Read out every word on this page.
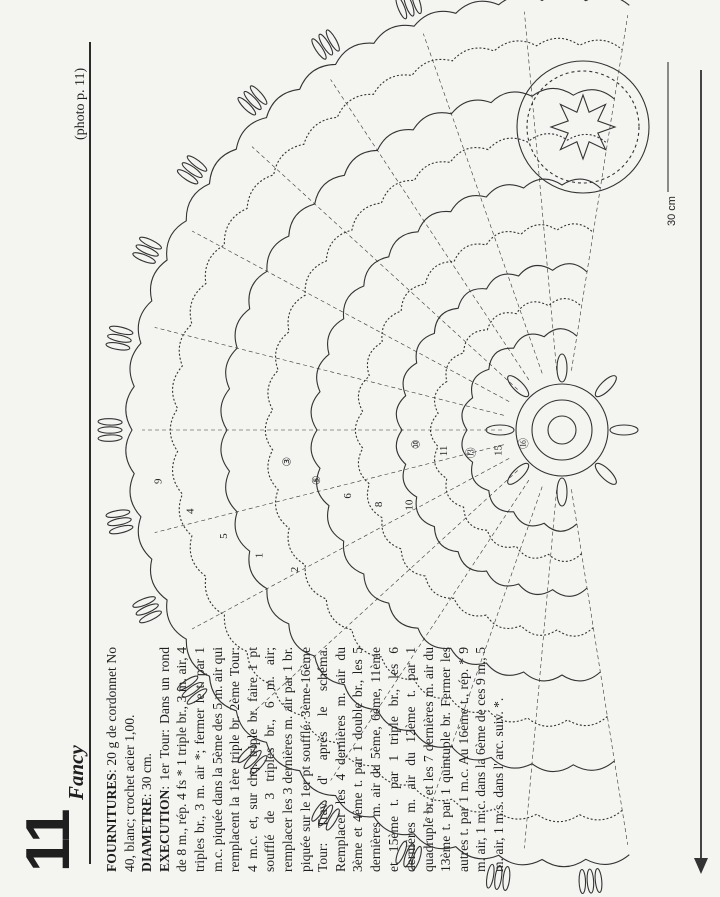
11
Fancy
(photo p. 11)

FOURNITURES: 20 g de cordonnet No 40, blanc; crochet acier 1,00. DIAMETRE: 30 cm.
EXECUTION: 1er Tour: Dans un rond de 8 m., rép. 4 fs * 1 triple br., 3 m. air, 4 triples br., 3 m. air *; fermer le t. par 1 m.c. piquée dans la 5ème des 5 m. air qui remplacent la 1ère triple br. 2ème Tour: 4 m.c. et, sur chq. triple br. faire 1 pt soufflé de 3 triples br., 6 m. air; remplacer les 3 dernières m. air par 1 br. piquée sur le 1er pt soufflé. 3ème-16ème Tour: Trav. d' après le schéma. Remplacer les 4 dernières m. air du 3ème et 4ème t. par 1 double br., les 5 dernières m. air du 5ème, 6ème, 11ème et 15ème t. par 1 triple br., les 6 dernières m. air du 12ème t. par 1 quadruple br. et les 7 dernières m. air du 13ème t. par 1 quintuple br. Fermer les autres t. par 1 m.c. Au 16ème t., rép. * 9 m. air, 1 m.c. dans la 6ème de ces 9 m., 5 m. air, 1 m.s. dans l' arc. suiv. *.

⑯
15
⑬
11
⑩
10
8
6
⑤
③
2
1
5
4
9
30 cm
